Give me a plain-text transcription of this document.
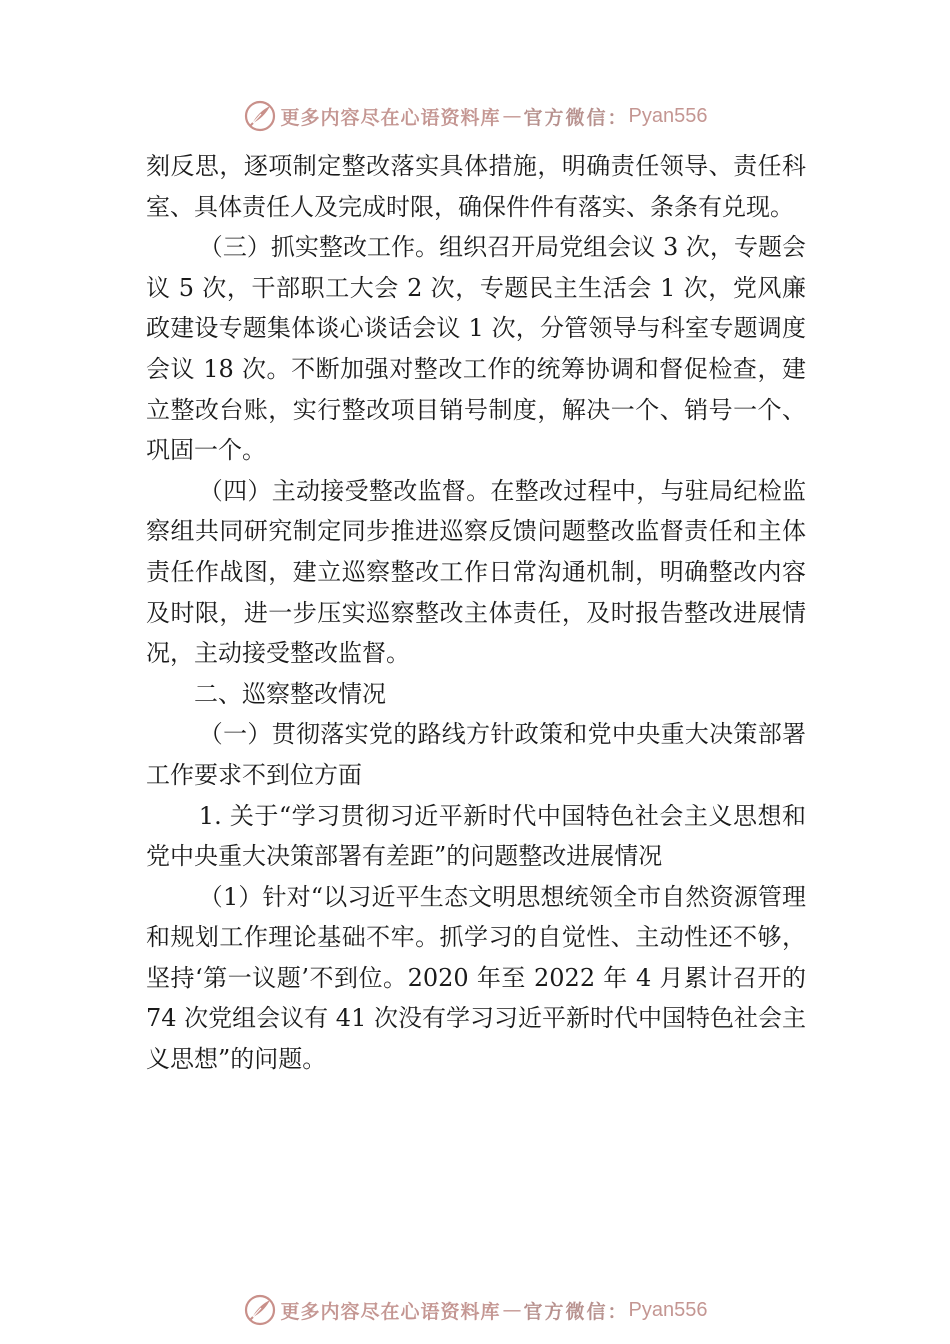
更多内容尽在心语资料库 — 官方微信： Pyan556

刻反思，逐项制定整改落实具体措施，明确责任领导、责任科室、具体责任人及完成时限，确保件件有落实、条条有兑现。

（三）抓实整改工作。组织召开局党组会议 3 次，专题会议 5 次，干部职工大会 2 次，专题民主生活会 1 次，党风廉政建设专题集体谈心谈话会议 1 次，分管领导与科室专题调度会议 18 次。不断加强对整改工作的统筹协调和督促检查，建立整改台账，实行整改项目销号制度，解决一个、销号一个、巩固一个。

（四）主动接受整改监督。在整改过程中，与驻局纪检监察组共同研究制定同步推进巡察反馈问题整改监督责任和主体责任作战图，建立巡察整改工作日常沟通机制，明确整改内容及时限，进一步压实巡察整改主体责任，及时报告整改进展情况，主动接受整改监督。

二、巡察整改情况

（一）贯彻落实党的路线方针政策和党中央重大决策部署工作要求不到位方面

1. 关于“学习贯彻习近平新时代中国特色社会主义思想和党中央重大决策部署有差距”的问题整改进展情况

（1）针对“以习近平生态文明思想统领全市自然资源管理和规划工作理论基础不牢。抓学习的自觉性、主动性还不够，坚持‘第一议题’不到位。2020 年至 2022 年 4 月累计召开的 74 次党组会议有 41 次没有学习习近平新时代中国特色社会主义思想”的问题。

更多内容尽在心语资料库 — 官方微信： Pyan556
